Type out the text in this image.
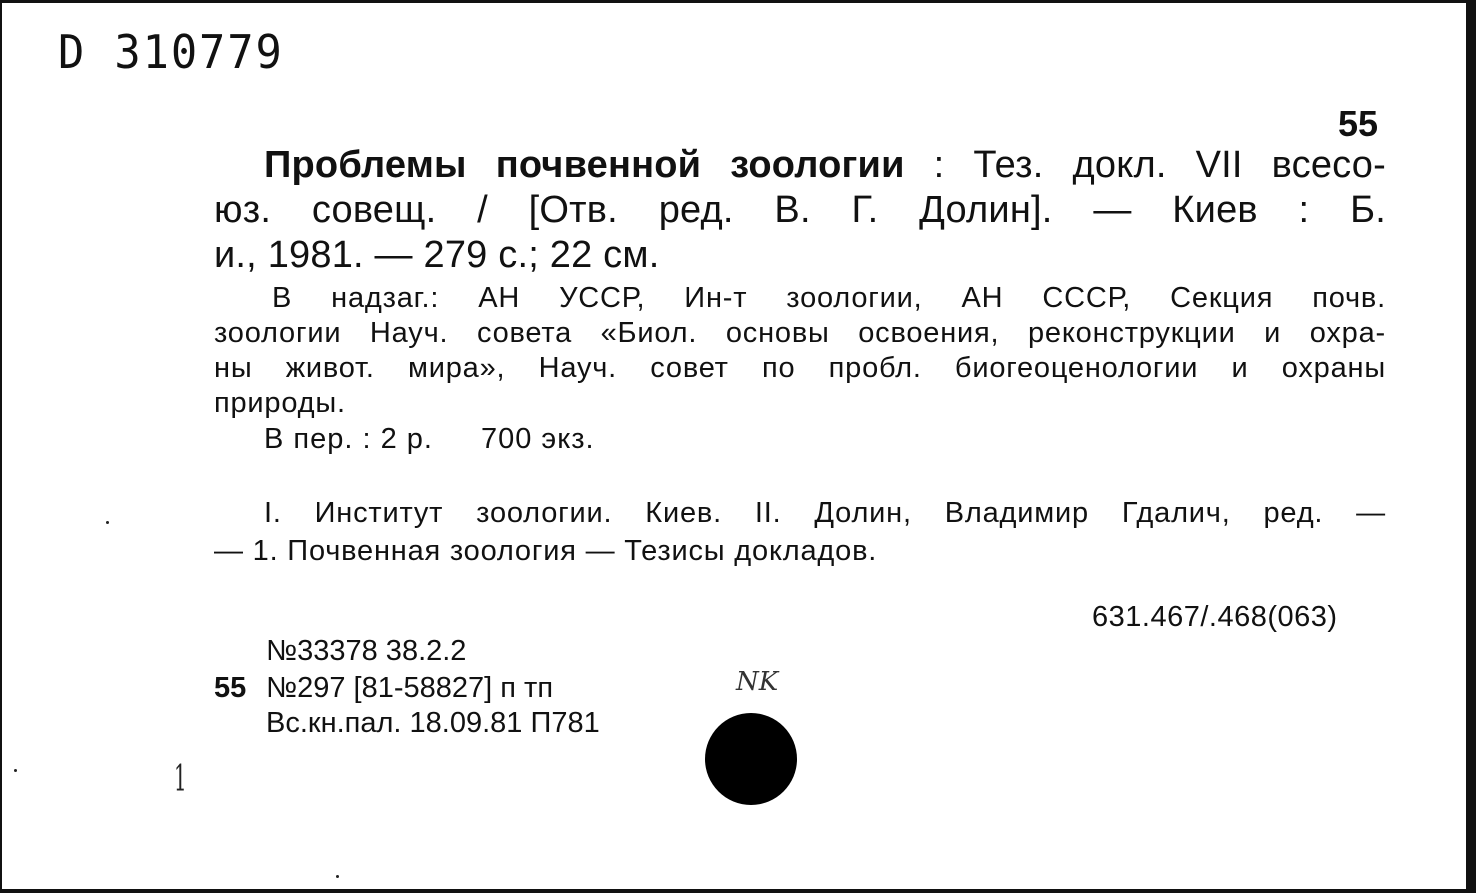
D 310779
55
Проблемы почвенной зоологии : Тез. докл. VII всесо-
юз. совещ. / [Отв. ред. В. Г. Долин]. — Киев : Б.
и., 1981. — 279 с.; 22 см.
В надзаг.: АН УССР, Ин-т зоологии, АН СССР, Секция почв.
зоологии Науч. совета «Биол. основы освоения, реконструкции и охра-
ны живот. мира», Науч. совет по пробл. биогеоценологии и охраны
природы.
В пер. : 2 р. 700 экз.
I. Институт зоологии. Киев. II. Долин, Владимир Гдалич, ред. —
— 1. Почвенная зоология — Тезисы докладов.
631.467/.468(063)
№33378 38.2.2
55 №297 [81-58827] п тп
Вс.кн.пал. 18.09.81 П781
NK
1
